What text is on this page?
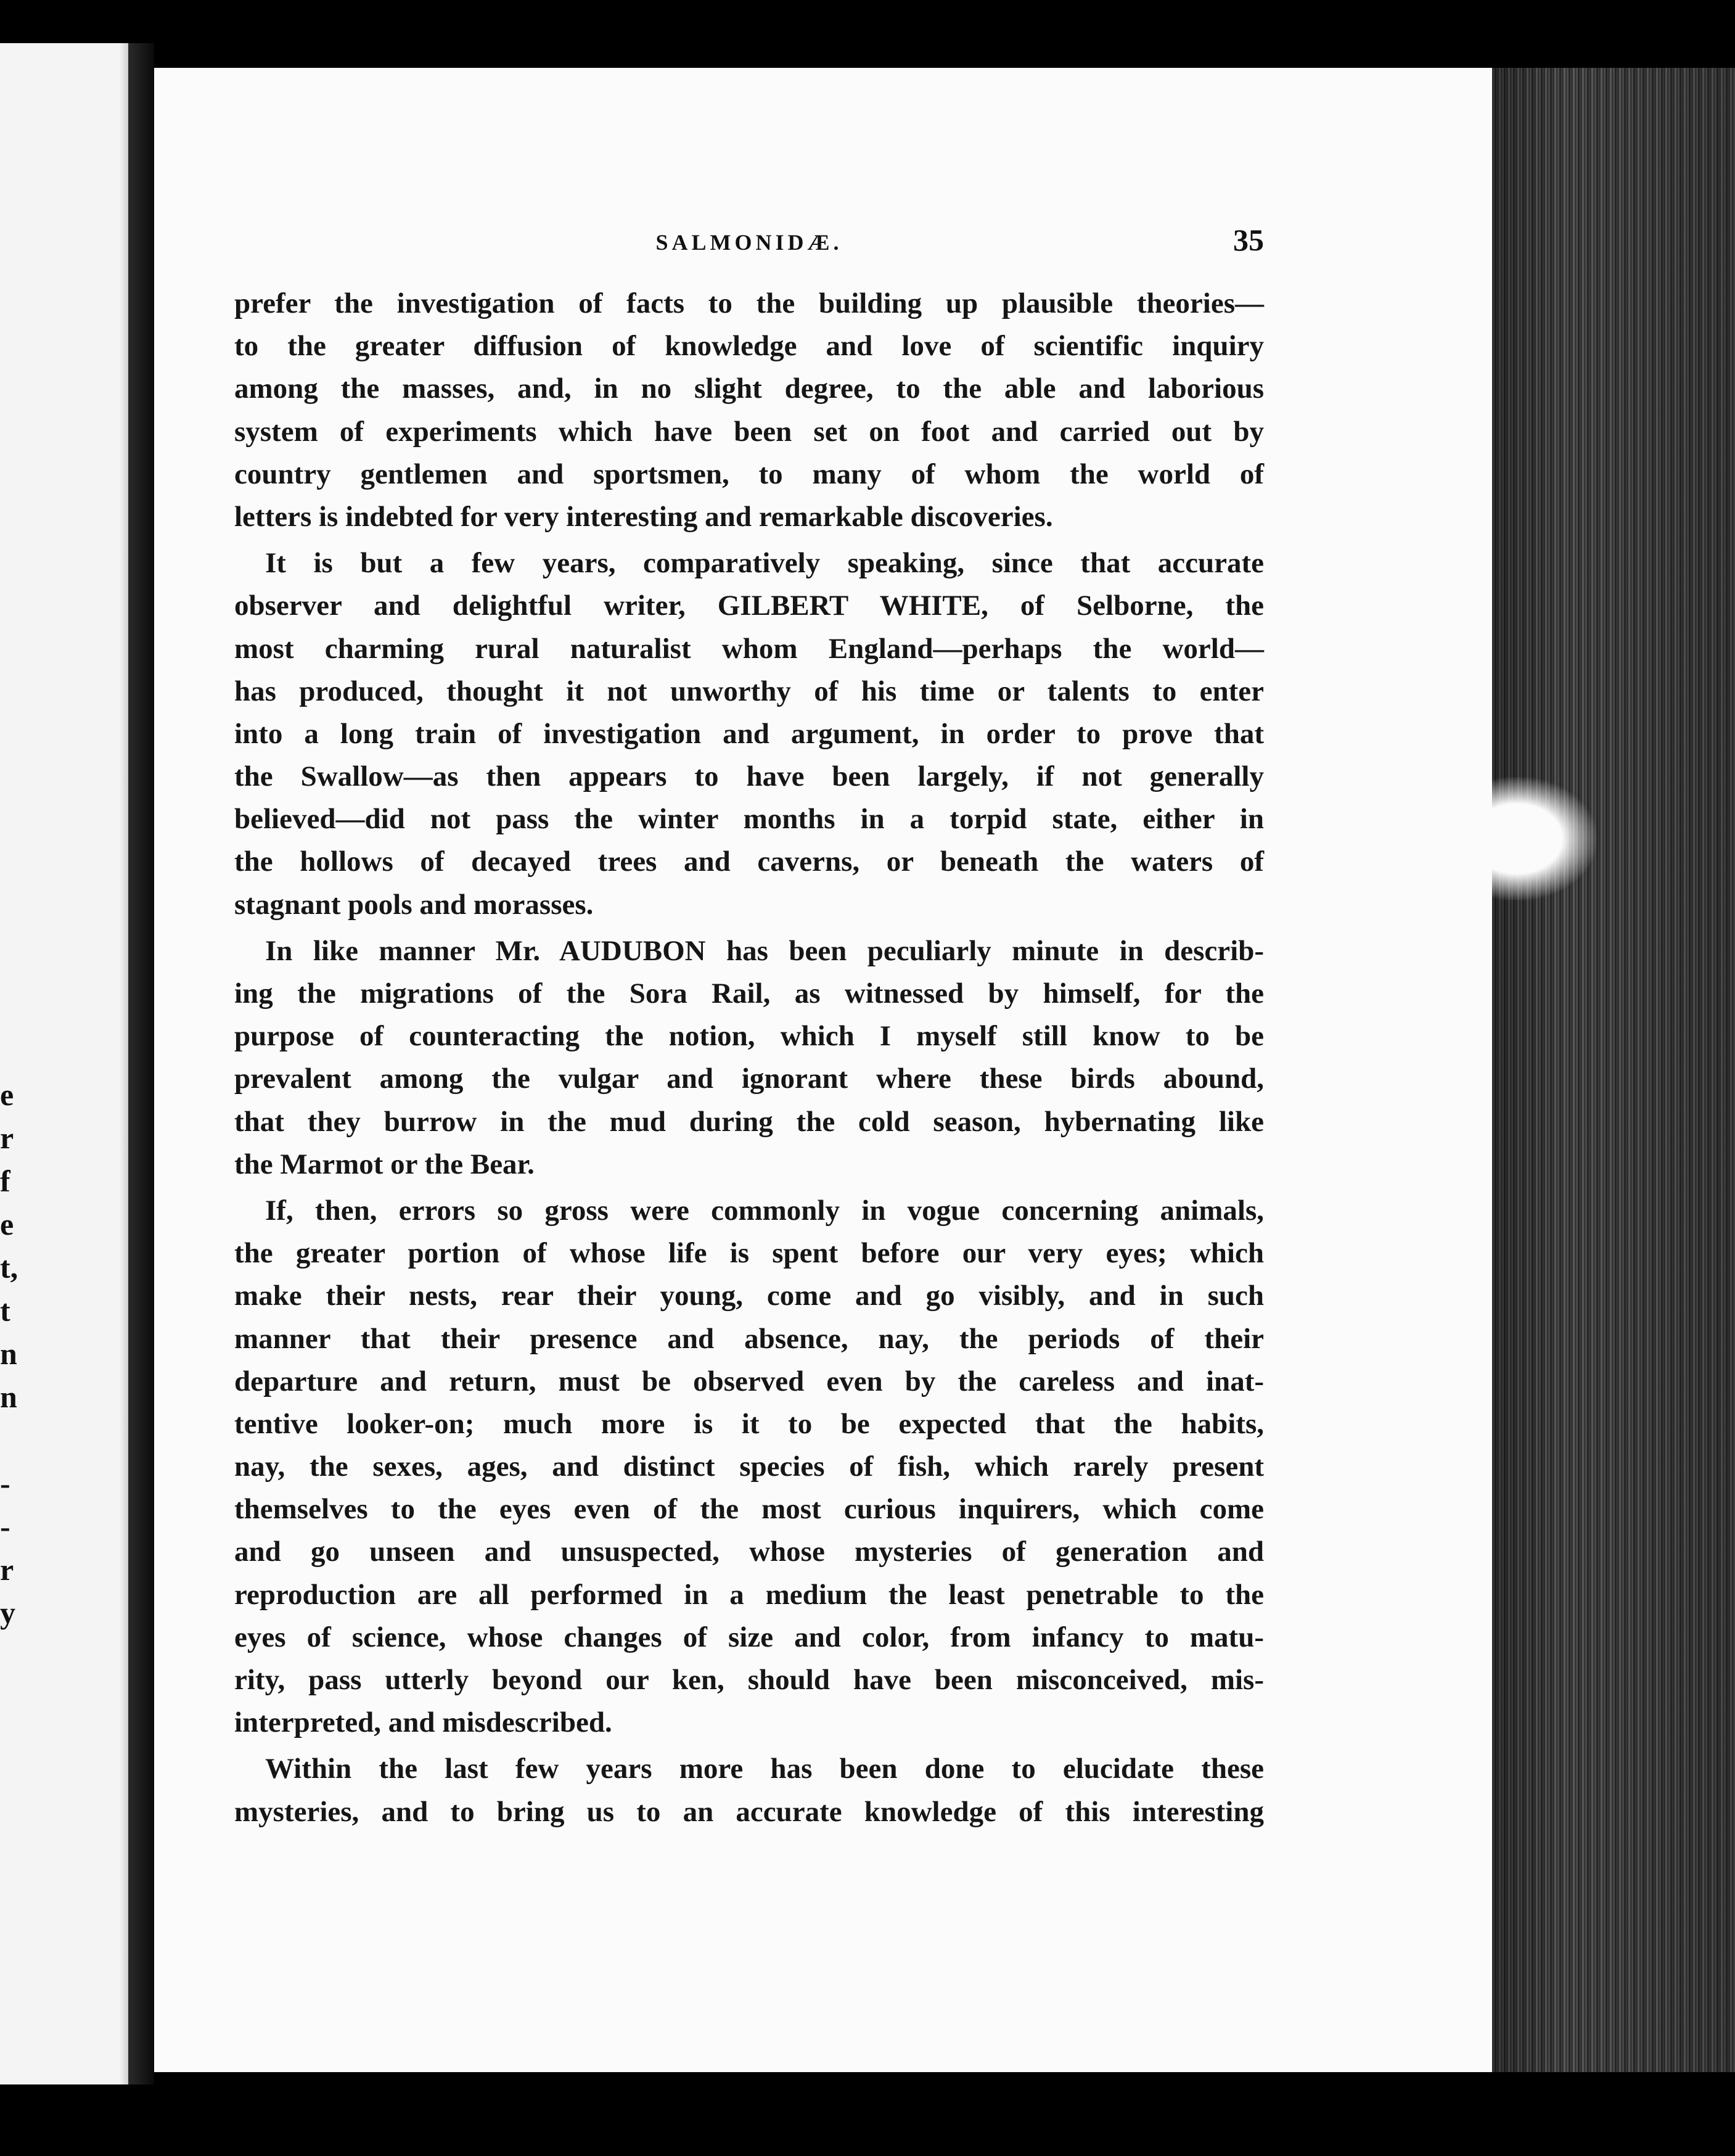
e
r
f
e
t,
t
n
n
-
-
r
y
SALMONIDÆ.	35
prefer the investigation of facts to the building up plausible theories—
to the greater diffusion of knowledge and love of scientific inquiry
among the masses, and, in no slight degree, to the able and laborious
system of experiments which have been set on foot and carried out by
country gentlemen and sportsmen, to many of whom the world of
letters is indebted for very interesting and remarkable discoveries.
It is but a few years, comparatively speaking, since that accurate
observer and delightful writer, GILBERT WHITE, of Selborne, the
most charming rural naturalist whom England—perhaps the world—
has produced, thought it not unworthy of his time or talents to enter
into a long train of investigation and argument, in order to prove that
the Swallow—as then appears to have been largely, if not generally
believed—did not pass the winter months in a torpid state, either in
the hollows of decayed trees and caverns, or beneath the waters of
stagnant pools and morasses.
In like manner Mr. AUDUBON has been peculiarly minute in describ-
ing the migrations of the Sora Rail, as witnessed by himself, for the
purpose of counteracting the notion, which I myself still know to be
prevalent among the vulgar and ignorant where these birds abound,
that they burrow in the mud during the cold season, hybernating like
the Marmot or the Bear.
If, then, errors so gross were commonly in vogue concerning animals,
the greater portion of whose life is spent before our very eyes; which
make their nests, rear their young, come and go visibly, and in such
manner that their presence and absence, nay, the periods of their
departure and return, must be observed even by the careless and inat-
tentive looker-on; much more is it to be expected that the habits,
nay, the sexes, ages, and distinct species of fish, which rarely present
themselves to the eyes even of the most curious inquirers, which come
and go unseen and unsuspected, whose mysteries of generation and
reproduction are all performed in a medium the least penetrable to the
eyes of science, whose changes of size and color, from infancy to matu-
rity, pass utterly beyond our ken, should have been misconceived, mis-
interpreted, and misdescribed.
Within the last few years more has been done to elucidate these
mysteries, and to bring us to an accurate knowledge of this interesting
